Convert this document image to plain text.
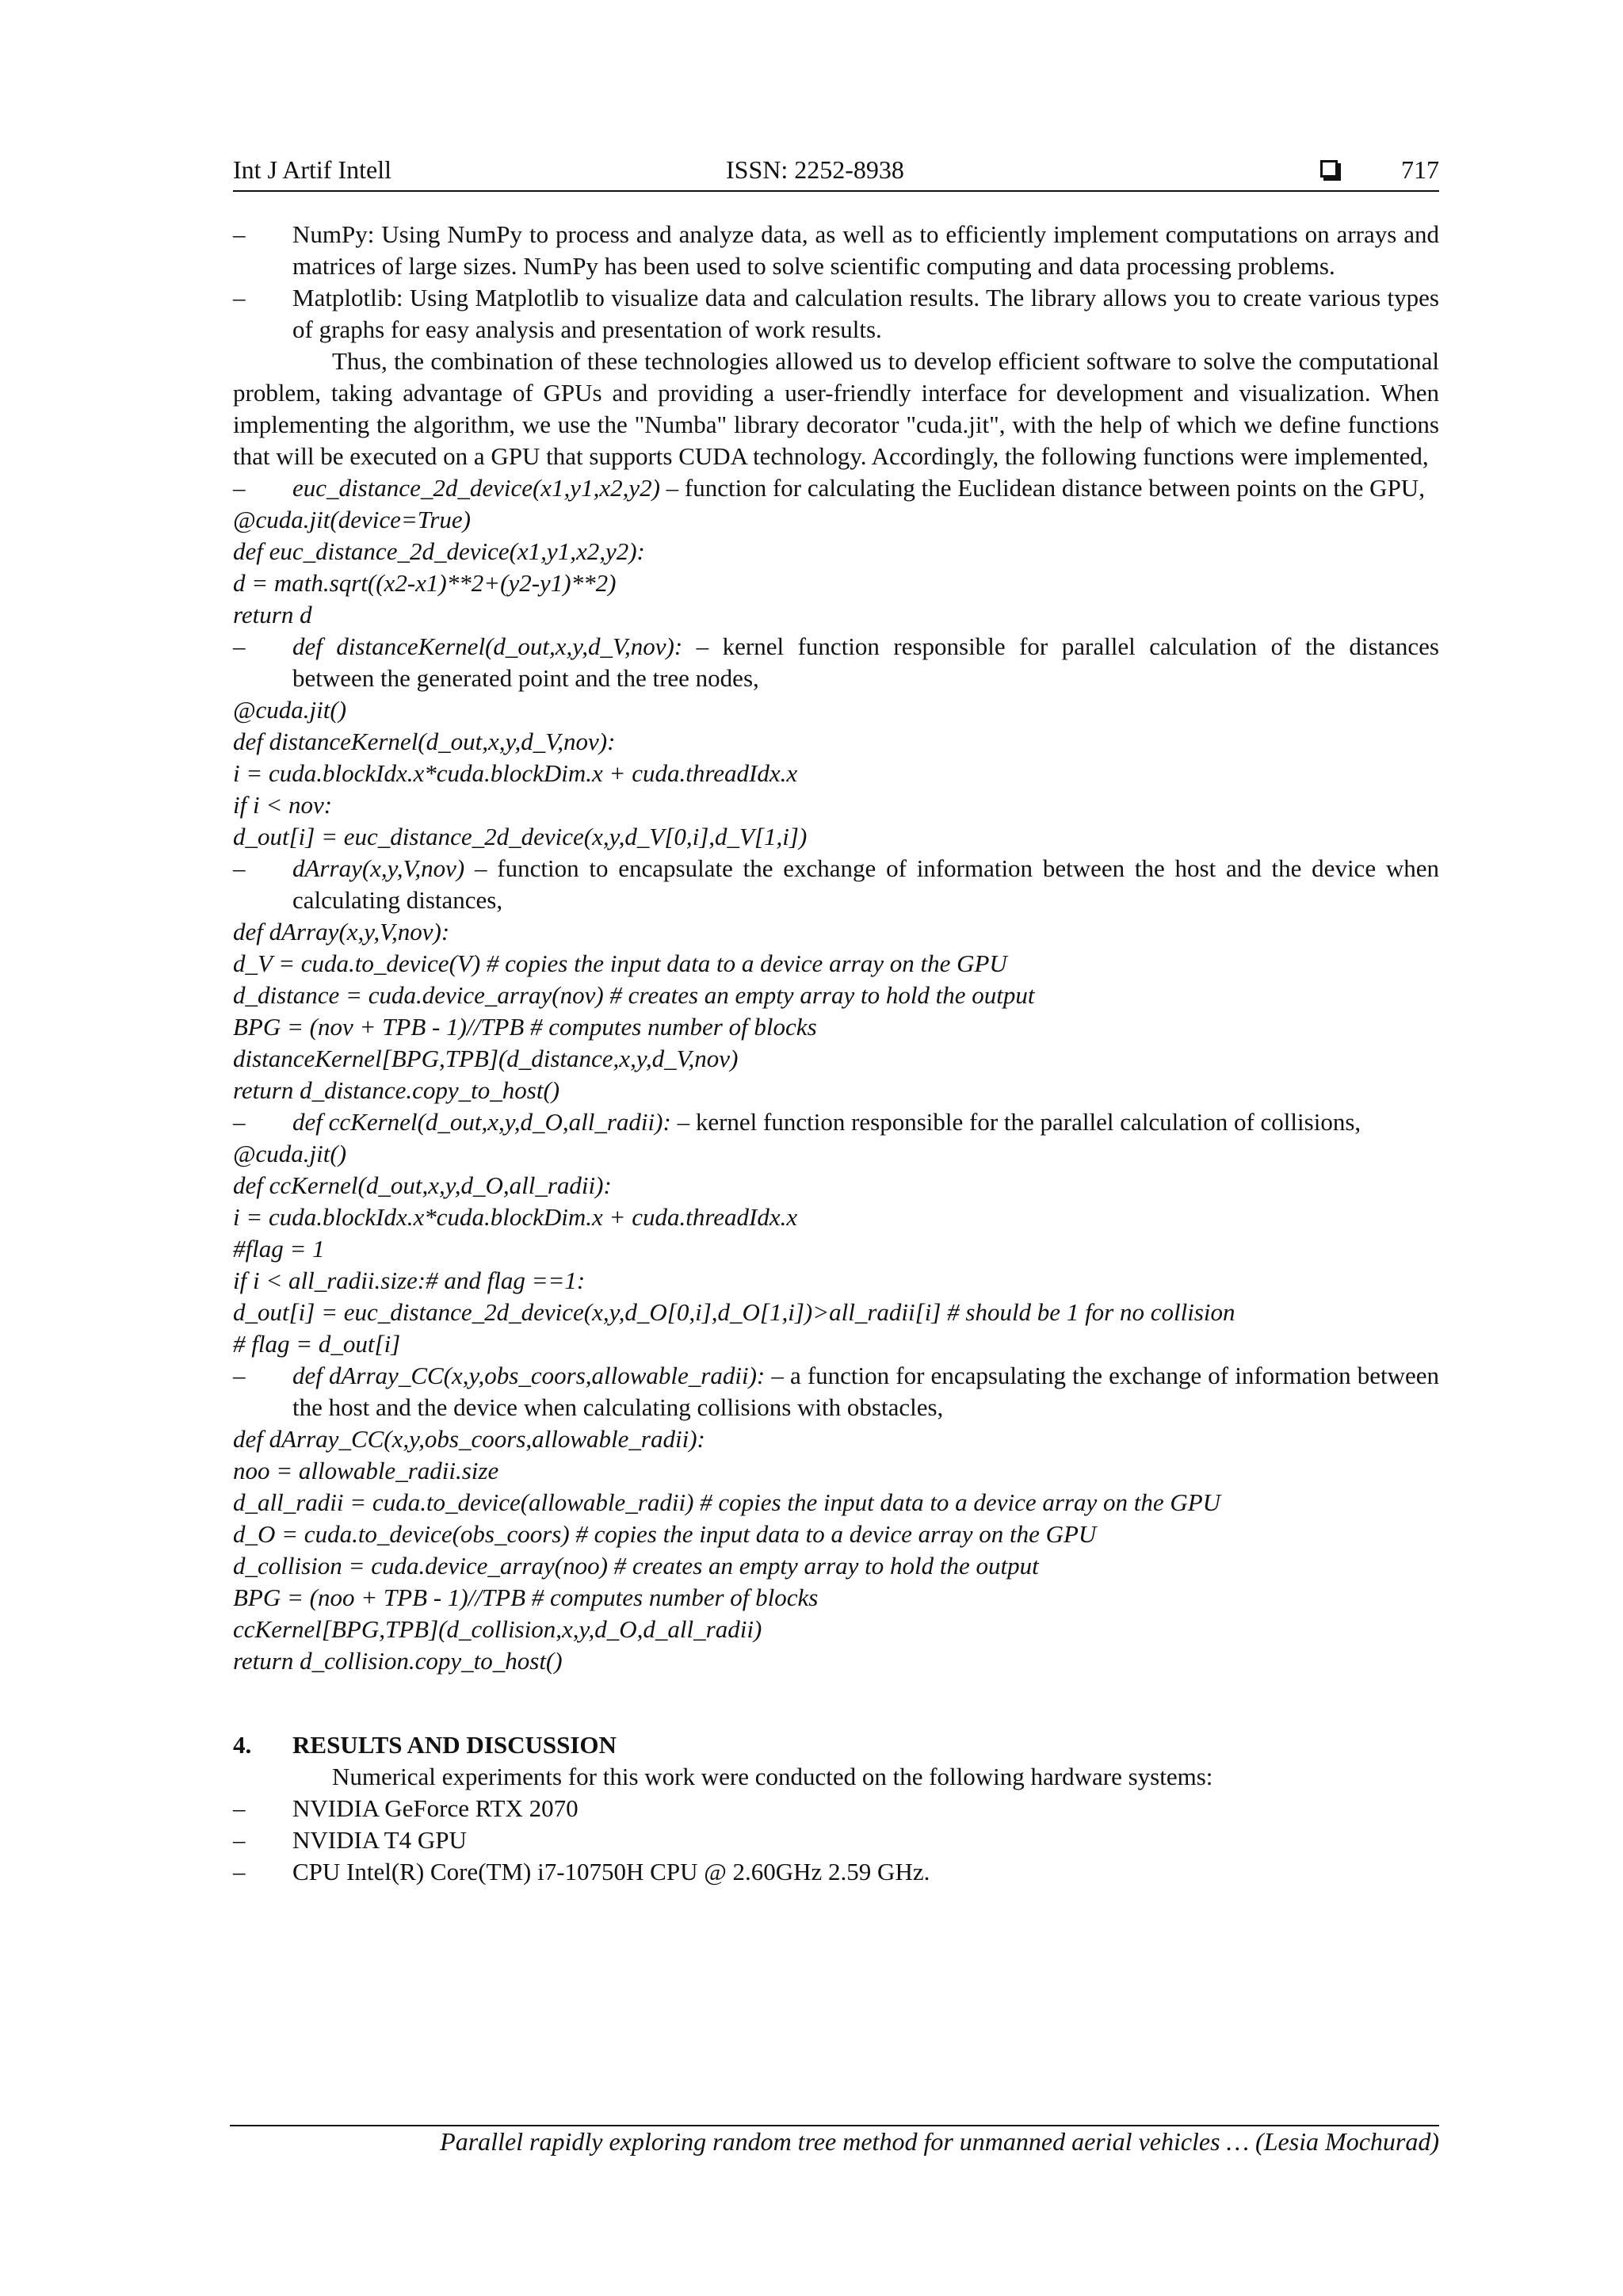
Int J Artif Intell	ISSN: 2252-8938	717
– NumPy: Using NumPy to process and analyze data, as well as to efficiently implement computations on arrays and matrices of large sizes. NumPy has been used to solve scientific computing and data processing problems.
– Matplotlib: Using Matplotlib to visualize data and calculation results. The library allows you to create various types of graphs for easy analysis and presentation of work results.
Thus, the combination of these technologies allowed us to develop efficient software to solve the computational problem, taking advantage of GPUs and providing a user-friendly interface for development and visualization. When implementing the algorithm, we use the "Numba" library decorator "cuda.jit", with the help of which we define functions that will be executed on a GPU that supports CUDA technology. Accordingly, the following functions were implemented,
– euc_distance_2d_device(x1,y1,x2,y2) – function for calculating the Euclidean distance between points on the GPU,
@cuda.jit(device=True)
def euc_distance_2d_device(x1,y1,x2,y2):
d = math.sqrt((x2-x1)**2+(y2-y1)**2)
return d
– def distanceKernel(d_out,x,y,d_V,nov): – kernel function responsible for parallel calculation of the distances between the generated point and the tree nodes,
@cuda.jit()
def distanceKernel(d_out,x,y,d_V,nov):
i = cuda.blockIdx.x*cuda.blockDim.x + cuda.threadIdx.x
if i < nov:
d_out[i] = euc_distance_2d_device(x,y,d_V[0,i],d_V[1,i])
– dArray(x,y,V,nov) – function to encapsulate the exchange of information between the host and the device when calculating distances,
def dArray(x,y,V,nov):
d_V = cuda.to_device(V) # copies the input data to a device array on the GPU
d_distance = cuda.device_array(nov) # creates an empty array to hold the output
BPG = (nov + TPB - 1)//TPB # computes number of blocks
distanceKernel[BPG,TPB](d_distance,x,y,d_V,nov)
return d_distance.copy_to_host()
– def ccKernel(d_out,x,y,d_O,all_radii): – kernel function responsible for the parallel calculation of collisions,
@cuda.jit()
def ccKernel(d_out,x,y,d_O,all_radii):
i = cuda.blockIdx.x*cuda.blockDim.x + cuda.threadIdx.x
#flag = 1
if i < all_radii.size:# and flag ==1:
d_out[i] = euc_distance_2d_device(x,y,d_O[0,i],d_O[1,i])>all_radii[i] # should be 1 for no collision
# flag = d_out[i]
– def dArray_CC(x,y,obs_coors,allowable_radii): – a function for encapsulating the exchange of information between the host and the device when calculating collisions with obstacles,
def dArray_CC(x,y,obs_coors,allowable_radii):
noo = allowable_radii.size
d_all_radii = cuda.to_device(allowable_radii) # copies the input data to a device array on the GPU
d_O = cuda.to_device(obs_coors) # copies the input data to a device array on the GPU
d_collision = cuda.device_array(noo) # creates an empty array to hold the output
BPG = (noo + TPB - 1)//TPB # computes number of blocks
ccKernel[BPG,TPB](d_collision,x,y,d_O,d_all_radii)
return d_collision.copy_to_host()
4. RESULTS AND DISCUSSION
Numerical experiments for this work were conducted on the following hardware systems:
– NVIDIA GeForce RTX 2070
– NVIDIA T4 GPU
– CPU Intel(R) Core(TM) i7-10750H CPU @ 2.60GHz 2.59 GHz.
Parallel rapidly exploring random tree method for unmanned aerial vehicles … (Lesia Mochurad)
